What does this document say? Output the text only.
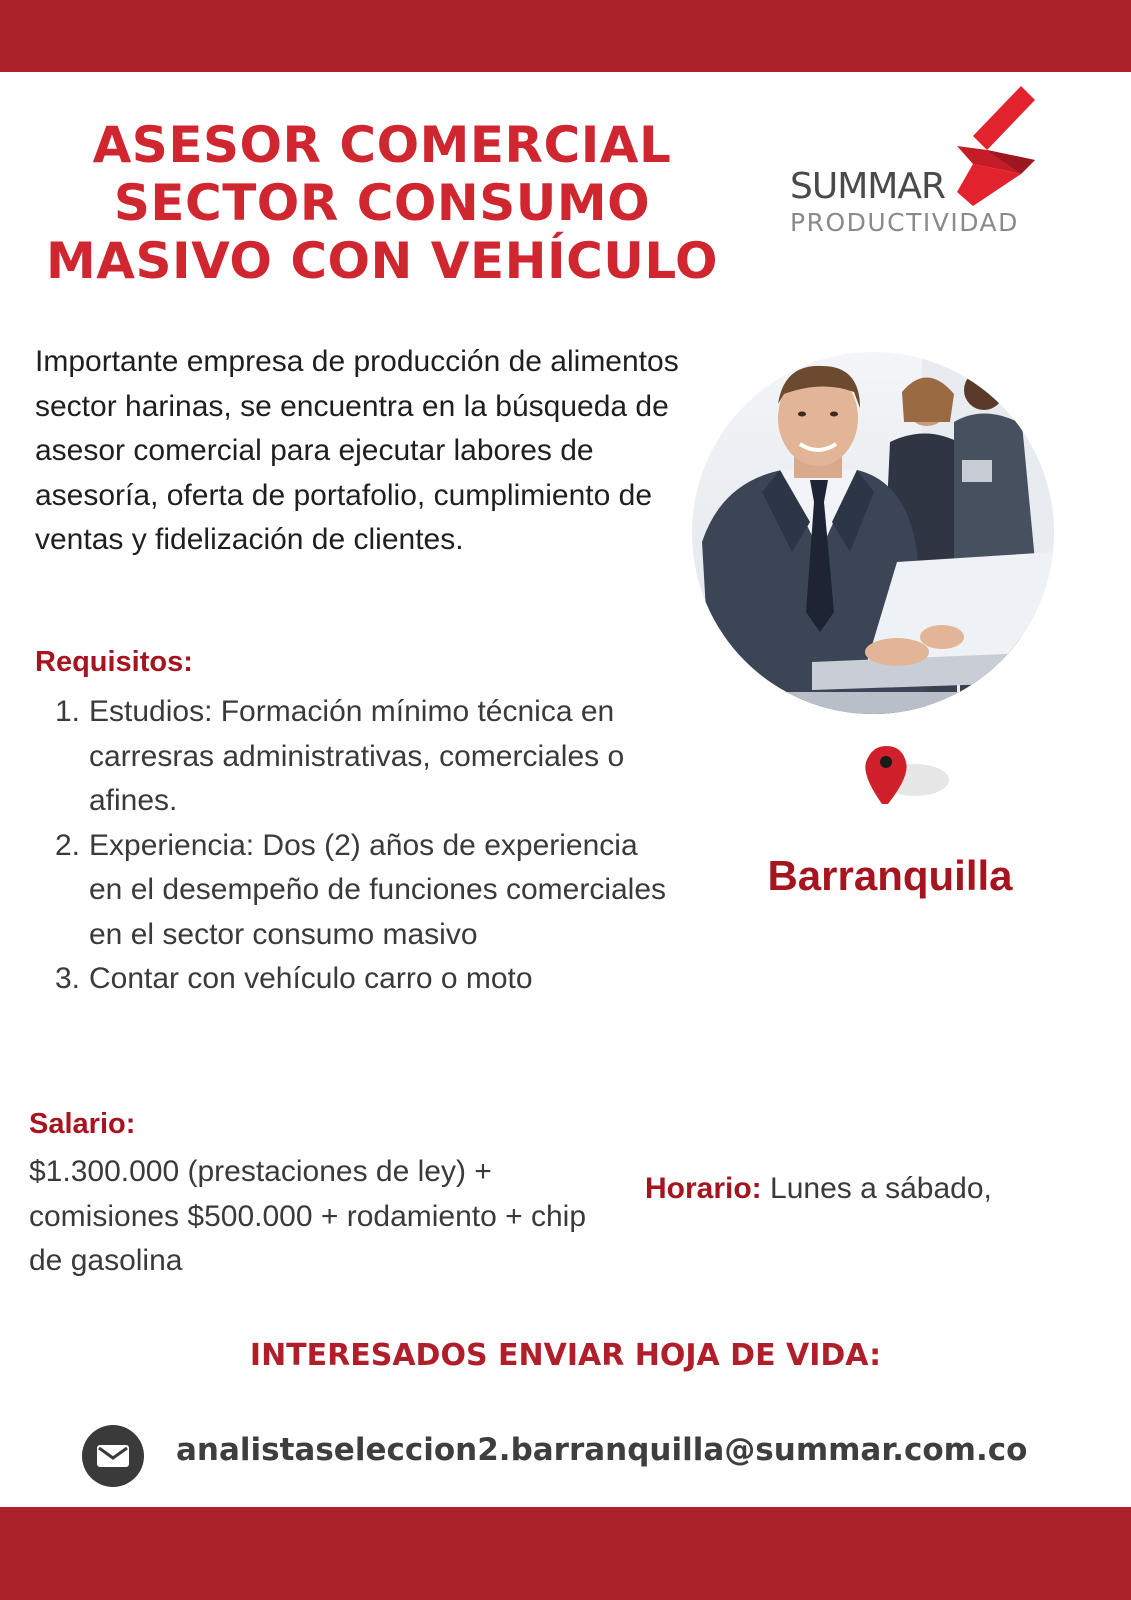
ASESOR COMERCIAL
SECTOR CONSUMO
MASIVO CON VEHÍCULO
SUMMAR
PRODUCTIVIDAD

Importante empresa de producción de alimentos sector harinas, se encuentra en la búsqueda de asesor comercial para ejecutar labores de asesoría, oferta de portafolio, cumplimiento de ventas y fidelización de clientes.

Requisitos:
1. Estudios: Formación mínimo técnica en carresras administrativas, comerciales o afines.
2. Experiencia: Dos (2) años de experiencia en el desempeño de funciones comerciales en el sector consumo masivo
3. Contar con vehículo carro o moto
Salario:
$1.300.000 (prestaciones de ley) + comisiones $500.000 + rodamiento + chip de gasolina
Horario: Lunes a sábado,
Barranquilla
INTERESADOS ENVIAR HOJA DE VIDA:
analistaseleccion2.barranquilla@summar.com.co
